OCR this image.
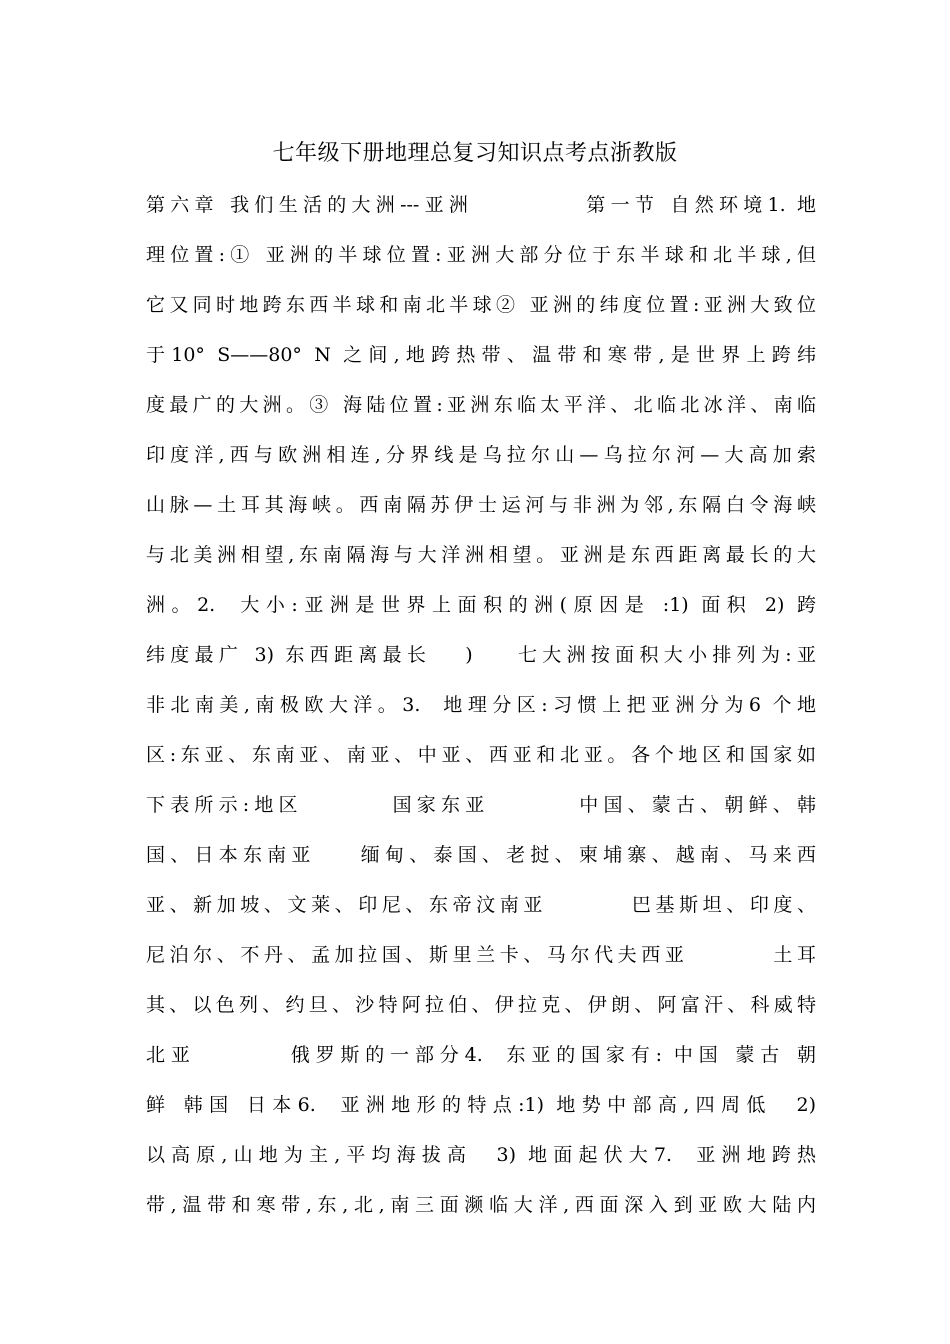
七年级下册地理总复习知识点考点浙教版
第六章 我们生活的大洲---亚洲          第一节 自然环境1. 地
理位置:① 亚洲的半球位置:亚洲大部分位于东半球和北半球,但
它又同时地跨东西半球和南北半球② 亚洲的纬度位置:亚洲大致位
于10° S——80° N 之间,地跨热带、温带和寒带,是世界上跨纬
度最广的大洲。③ 海陆位置:亚洲东临太平洋、北临北冰洋、南临
印度洋,西与欧洲相连,分界线是乌拉尔山—乌拉尔河—大高加索
山脉—土耳其海峡。西南隔苏伊士运河与非洲为邻,东隔白令海峡
与北美洲相望,东南隔海与大洋洲相望。亚洲是东西距离最长的大
洲。2.  大小:亚洲是世界上面积的洲(原因是 :1) 面积 2) 跨
纬度最广 3) 东西距离最长   )    七大洲按面积大小排列为:亚
非北南美,南极欧大洋。3.  地理分区:习惯上把亚洲分为6 个地
区:东亚、东南亚、南亚、中亚、西亚和北亚。各个地区和国家如
下表所示:地区        国家东亚        中国、蒙古、朝鲜、韩
国、日本东南亚    缅甸、泰国、老挝、柬埔寨、越南、马来西
亚、新加坡、文莱、印尼、东帝汶南亚        巴基斯坦、印度、
尼泊尔、不丹、孟加拉国、斯里兰卡、马尔代夫西亚        土耳
其、以色列、约旦、沙特阿拉伯、伊拉克、伊朗、阿富汗、科威特
北亚        俄罗斯的一部分4.  东亚的国家有: 中国 蒙古 朝
鲜 韩国 日本6.  亚洲地形的特点:1) 地势中部高,四周低  2)
以高原,山地为主,平均海拔高  3) 地面起伏大7.  亚洲地跨热
带,温带和寒带,东,北,南三面濒临大洋,西面深入到亚欧大陆内
